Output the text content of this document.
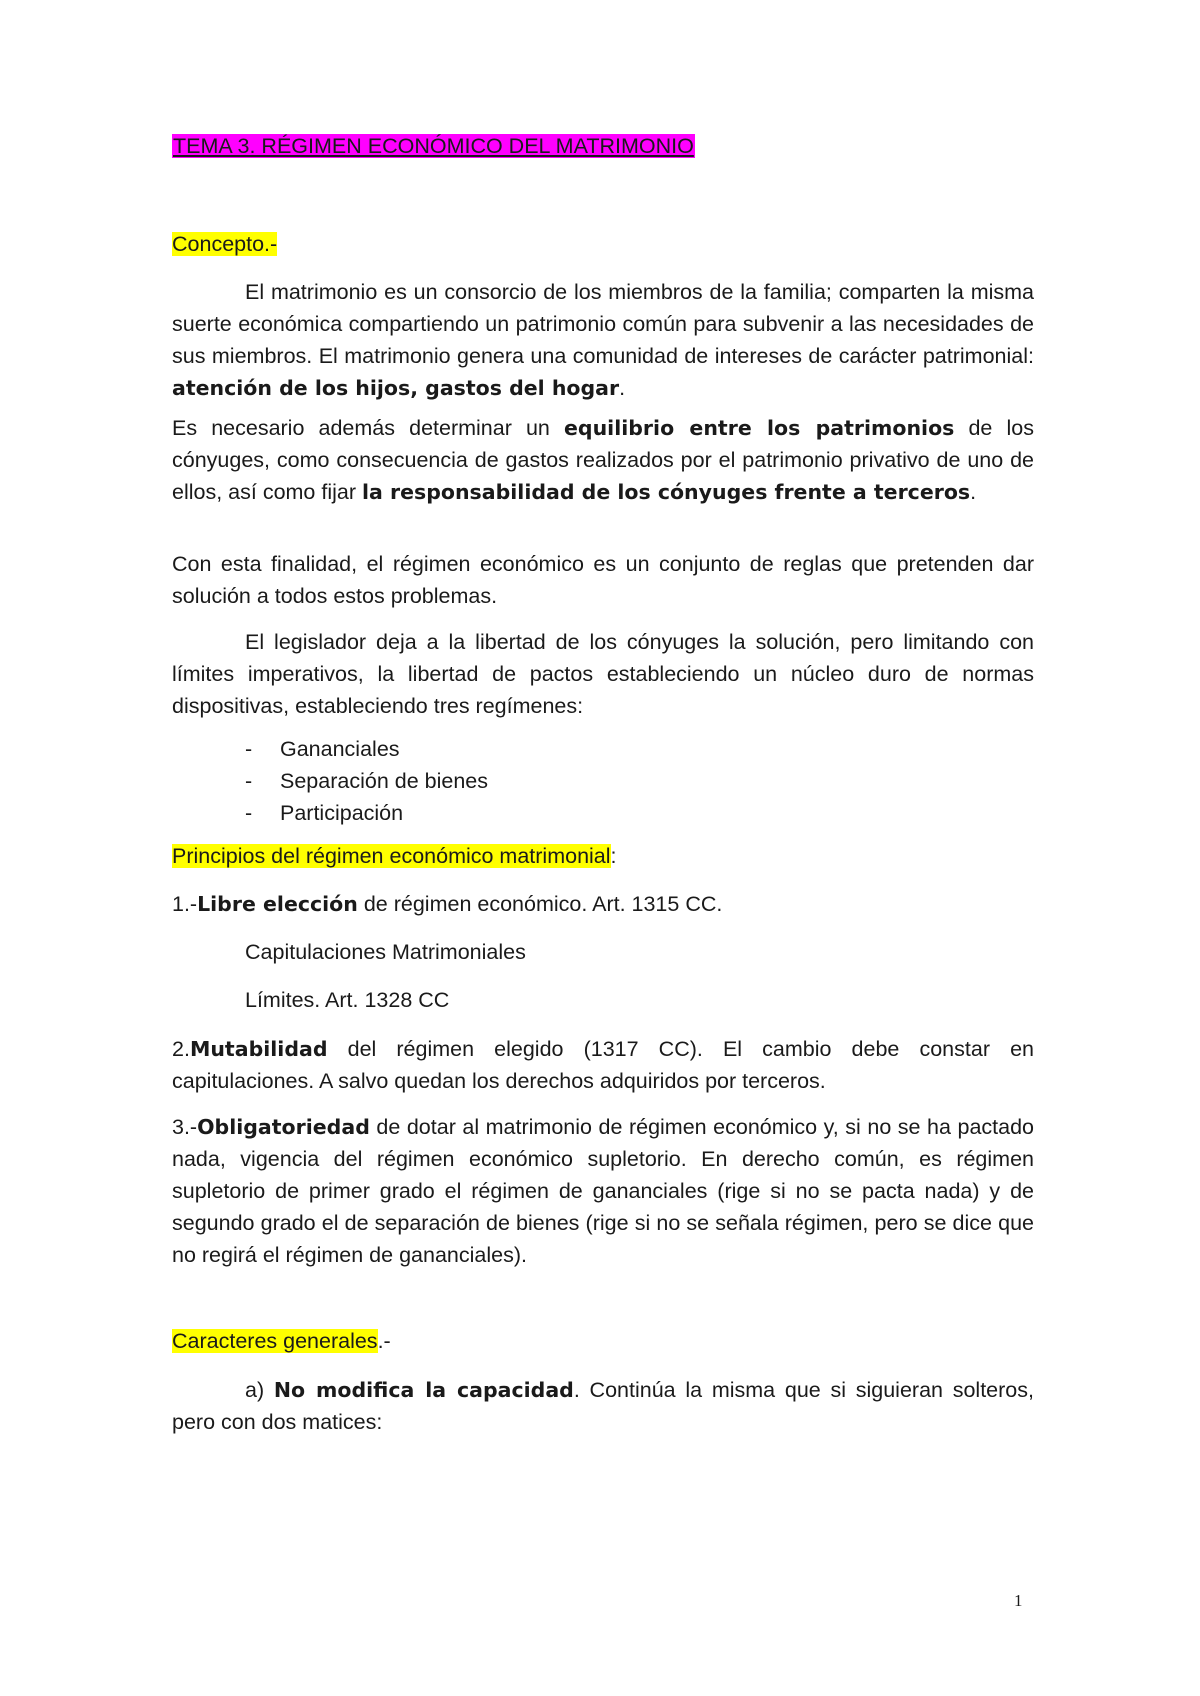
TEMA 3. RÉGIMEN ECONÓMICO DEL MATRIMONIO

Concepto.-

El matrimonio es un consorcio de los miembros de la familia; comparten la misma suerte económica compartiendo un patrimonio común para subvenir a las necesidades de sus miembros. El matrimonio genera una comunidad de intereses de carácter patrimonial: atención de los hijos, gastos del hogar.

Es necesario además determinar un equilibrio entre los patrimonios de los cónyuges, como consecuencia de gastos realizados por el patrimonio privativo de uno de ellos, así como fijar la responsabilidad de los cónyuges frente a terceros.

Con esta finalidad, el régimen económico es un conjunto de reglas que pretenden dar solución a todos estos problemas.

El legislador deja a la libertad de los cónyuges la solución, pero limitando con límites imperativos, la libertad de pactos estableciendo un núcleo duro de normas dispositivas, estableciendo tres regímenes:

- Gananciales
- Separación de bienes
- Participación

Principios del régimen económico matrimonial:

1.-Libre elección de régimen económico. Art. 1315 CC.

Capitulaciones Matrimoniales

Límites. Art. 1328 CC

2.Mutabilidad del régimen elegido (1317 CC). El cambio debe constar en capitulaciones. A salvo quedan los derechos adquiridos por terceros.

3.-Obligatoriedad de dotar al matrimonio de régimen económico y, si no se ha pactado nada, vigencia del régimen económico supletorio. En derecho común, es régimen supletorio de primer grado el régimen de gananciales (rige si no se pacta nada) y de segundo grado el de separación de bienes (rige si no se señala régimen, pero se dice que no regirá el régimen de gananciales).

Caracteres generales.-

a) No modifica la capacidad. Continúa la misma que si siguieran solteros, pero con dos matices:

1
